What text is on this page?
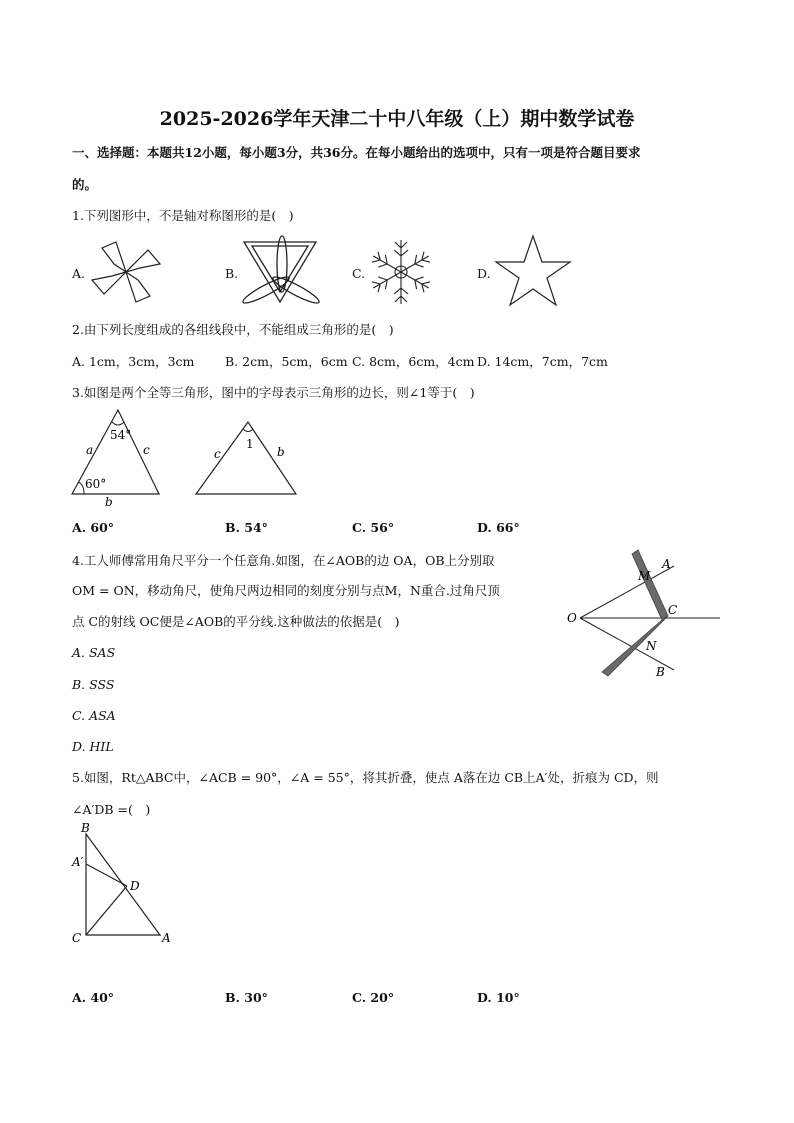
2025-2026学年天津二十中八年级（上）期中数学试卷
一、选择题：本题共12小题，每小题3分，共36分。在每小题给出的选项中，只有一项是符合题目要求
的。
1.下列图形中，不是轴对称图形的是(　)
A.	B.	C.	D.
2.由下列长度组成的各组线段中，不能组成三角形的是(　)
A. 1cm，3cm，3cm B. 2cm，5cm，6cm C. 8cm，6cm，4cm D. 14cm，7cm，7cm
3.如图是两个全等三角形，图中的字母表示三角形的边长，则∠1等于(　)
54°
60°
a	c
b
1
c	b
A. 60°	B. 54°	C. 56°	D. 66°
4.工人师傅常用角尺平分一个任意角.如图，在∠AOB的边 OA，OB上分别取
OM = ON，移动角尺，使角尺两边相同的刻度分别与点M，N重合.过角尺顶
点 C的射线 OC便是∠AOB的平分线.这种做法的依据是(　)	O
M
A
C
N
B
A. SAS
B. SSS
C. ASA
D. HIL
5.如图，Rt△ABC中，∠ACB = 90°，∠A = 55°，将其折叠，使点 A落在边 CB上A′处，折痕为 CD，则
∠A′DB =(　)
B
A′
D
C	A
A. 40°	B. 30°	C. 20°	D. 10°
